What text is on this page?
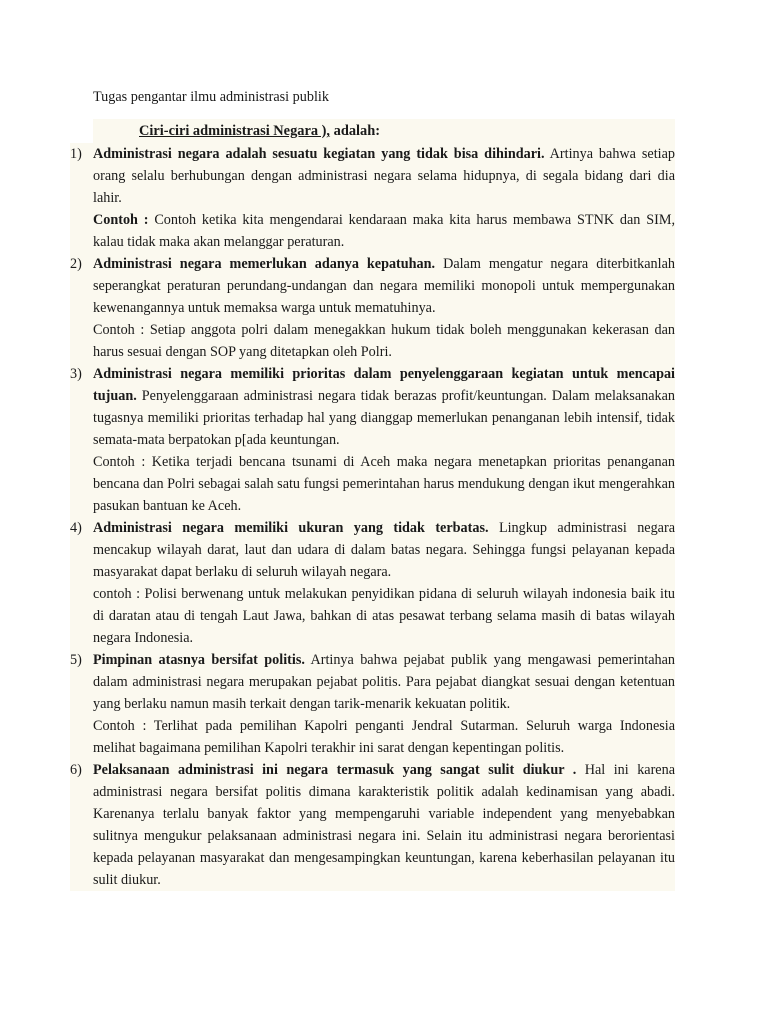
Tugas pengantar ilmu administrasi publik
Ciri-ciri administrasi Negara ), adalah:
1) Administrasi negara adalah sesuatu kegiatan yang tidak bisa dihindari. Artinya bahwa setiap orang selalu berhubungan dengan administrasi negara selama hidupnya, di segala bidang dari dia lahir.
Contoh : Contoh ketika kita mengendarai kendaraan maka kita harus membawa STNK dan SIM, kalau tidak maka akan melanggar peraturan.
2) Administrasi negara memerlukan adanya kepatuhan. Dalam mengatur negara diterbitkanlah seperangkat peraturan perundang-undangan dan negara memiliki monopoli untuk mempergunakan kewenangannya untuk memaksa warga untuk mematuhinya.
Contoh : Setiap anggota polri dalam menegakkan hukum tidak boleh menggunakan kekerasan dan harus sesuai dengan SOP yang ditetapkan oleh Polri.
3) Administrasi negara memiliki prioritas dalam penyelenggaraan kegiatan untuk mencapai tujuan. Penyelenggaraan administrasi negara tidak berazas profit/keuntungan. Dalam melaksanakan tugasnya memiliki prioritas terhadap hal yang dianggap memerlukan penanganan lebih intensif, tidak semata-mata berpatokan p[ada keuntungan.
Contoh : Ketika terjadi bencana tsunami di Aceh maka negara menetapkan prioritas penanganan bencana dan Polri sebagai salah satu fungsi pemerintahan harus mendukung dengan ikut mengerahkan pasukan bantuan ke Aceh.
4) Administrasi negara memiliki ukuran yang tidak terbatas. Lingkup administrasi negara mencakup wilayah darat, laut dan udara di dalam batas negara. Sehingga fungsi pelayanan kepada masyarakat dapat berlaku di seluruh wilayah negara.
contoh : Polisi berwenang untuk melakukan penyidikan pidana di seluruh wilayah indonesia baik itu di daratan atau di tengah Laut Jawa, bahkan di atas pesawat terbang selama masih di batas wilayah negara Indonesia.
5) Pimpinan atasnya bersifat politis. Artinya bahwa pejabat publik yang mengawasi pemerintahan dalam administrasi negara merupakan pejabat politis. Para pejabat diangkat sesuai dengan ketentuan yang berlaku namun masih terkait dengan tarik-menarik kekuatan politik.
Contoh : Terlihat pada pemilihan Kapolri penganti Jendral Sutarman. Seluruh warga Indonesia melihat bagaimana pemilihan Kapolri terakhir ini sarat dengan kepentingan politis.
6) Pelaksanaan administrasi ini negara termasuk yang sangat sulit diukur . Hal ini karena administrasi negara bersifat politis dimana karakteristik politik adalah kedinamisan yang abadi. Karenanya terlalu banyak faktor yang mempengaruhi variable independent yang menyebabkan sulitnya mengukur pelaksanaan administrasi negara ini. Selain itu administrasi negara berorientasi kepada pelayanan masyarakat dan mengesampingkan keuntungan, karena keberhasilan pelayanan itu sulit diukur.
